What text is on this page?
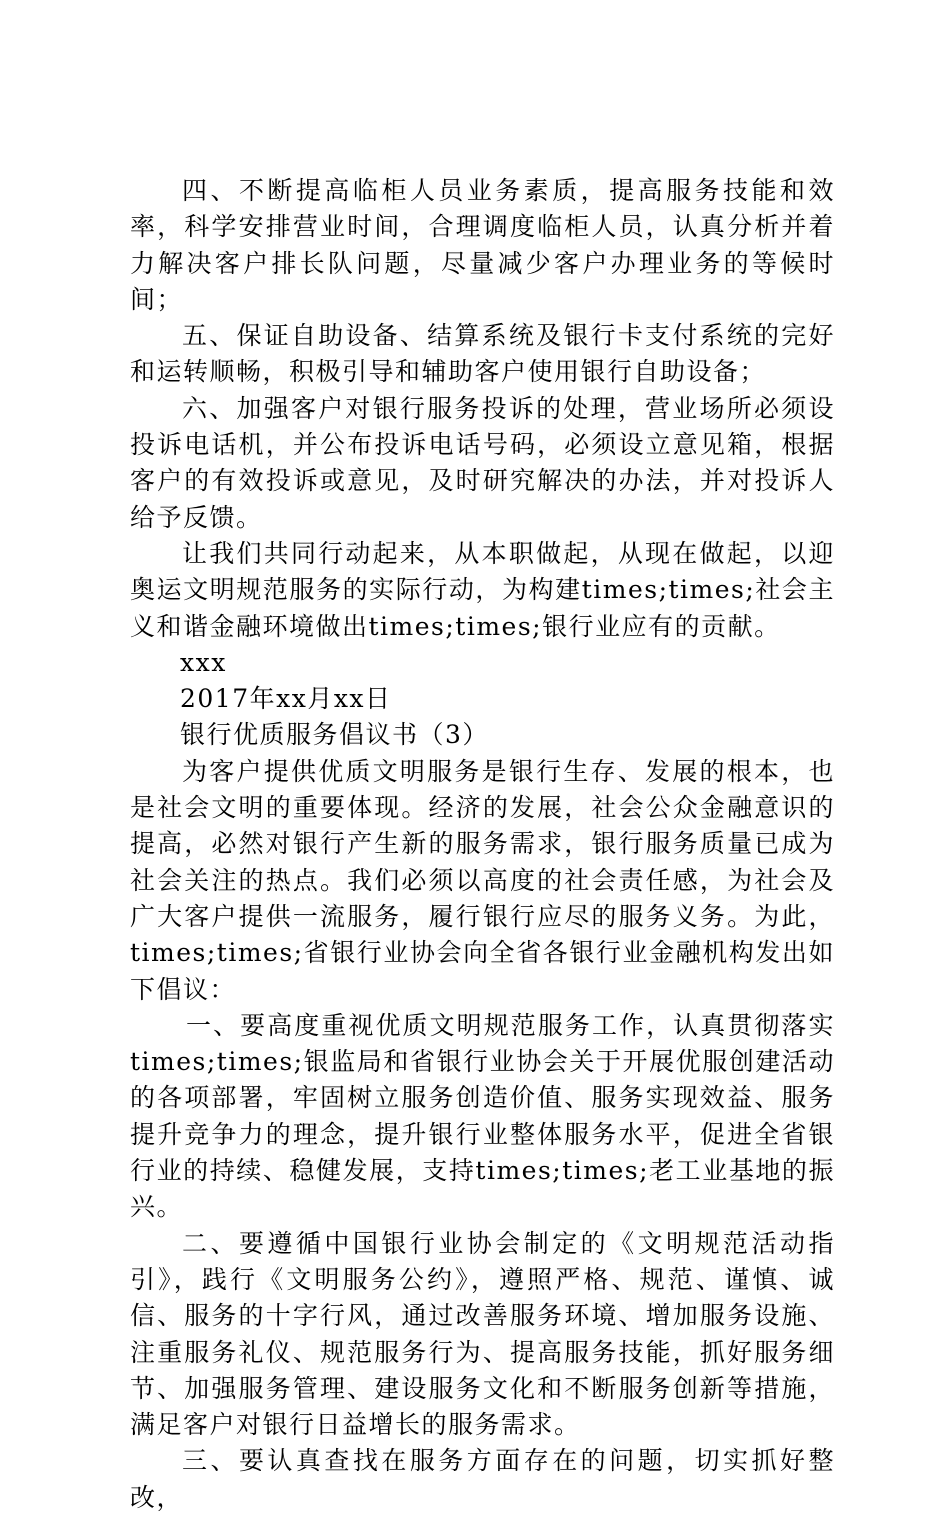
四、不断提高临柜人员业务素质，提高服务技能和效率，科学安排营业时间，合理调度临柜人员，认真分析并着力解决客户排长队问题，尽量减少客户办理业务的等候时间；

五、保证自助设备、结算系统及银行卡支付系统的完好和运转顺畅，积极引导和辅助客户使用银行自助设备；

六、加强客户对银行服务投诉的处理，营业场所必须设投诉电话机，并公布投诉电话号码，必须设立意见箱，根据客户的有效投诉或意见，及时研究解决的办法，并对投诉人给予反馈。

让我们共同行动起来，从本职做起，从现在做起，以迎奥运文明规范服务的实际行动，为构建times;times;社会主义和谐金融环境做出times;times;银行业应有的贡献。

xxx

2017年xx月xx日

银行优质服务倡议书（3）

为客户提供优质文明服务是银行生存、发展的根本，也是社会文明的重要体现。经济的发展，社会公众金融意识的提高，必然对银行产生新的服务需求，银行服务质量已成为社会关注的热点。我们必须以高度的社会责任感，为社会及广大客户提供一流服务，履行银行应尽的服务义务。为此，times;times;省银行业协会向全省各银行业金融机构发出如下倡议：

一、要高度重视优质文明规范服务工作，认真贯彻落实times;times;银监局和省银行业协会关于开展优服创建活动的各项部署，牢固树立服务创造价值、服务实现效益、服务提升竞争力的理念，提升银行业整体服务水平，促进全省银行业的持续、稳健发展，支持times;times;老工业基地的振兴。

二、要遵循中国银行业协会制定的《文明规范活动指引》，践行《文明服务公约》，遵照严格、规范、谨慎、诚信、服务的十字行风，通过改善服务环境、增加服务设施、注重服务礼仪、规范服务行为、提高服务技能，抓好服务细节、加强服务管理、建设服务文化和不断服务创新等措施，满足客户对银行日益增长的服务需求。

三、要认真查找在服务方面存在的问题，切实抓好整改，
